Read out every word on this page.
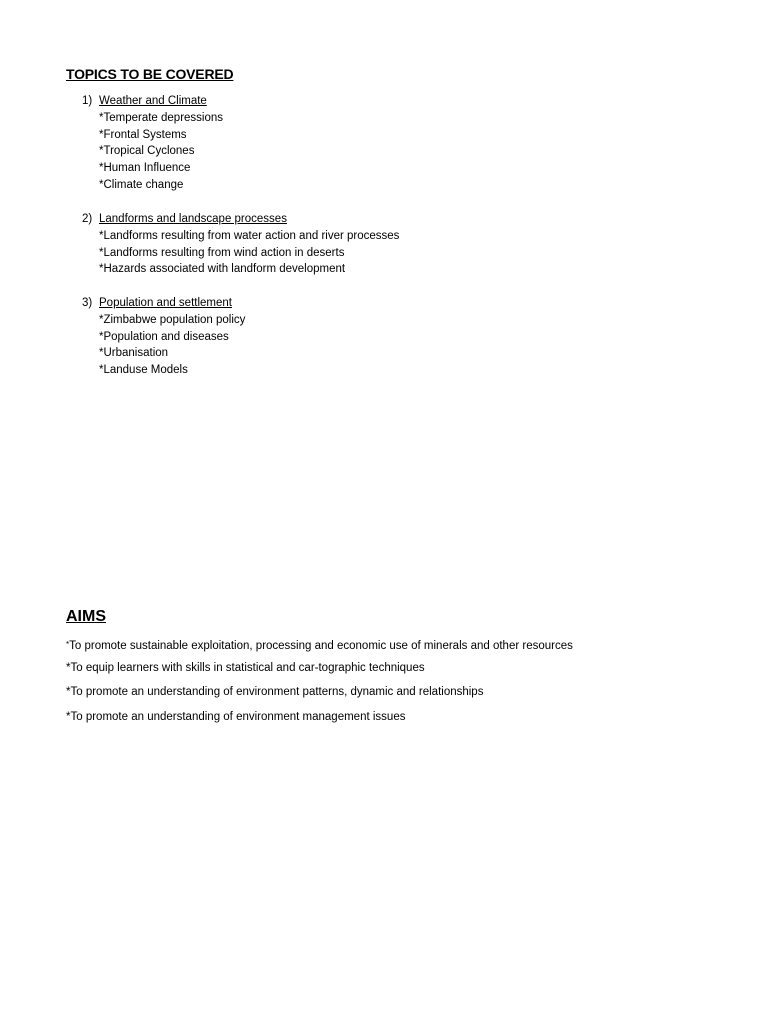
TOPICS TO BE COVERED
1) Weather and Climate
*Temperate depressions
*Frontal Systems
*Tropical Cyclones
*Human Influence
*Climate change
2) Landforms and landscape processes
*Landforms resulting from water action and river processes
*Landforms resulting from wind action in deserts
*Hazards associated with landform development
3) Population and settlement
*Zimbabwe population policy
*Population and diseases
*Urbanisation
*Landuse Models
AIMS
*To promote sustainable exploitation, processing and economic use of minerals and other resources
*To equip learners with skills in statistical and car-tographic techniques
*To promote an understanding of environment patterns, dynamic and relationships
*To promote an understanding of environment management issues
